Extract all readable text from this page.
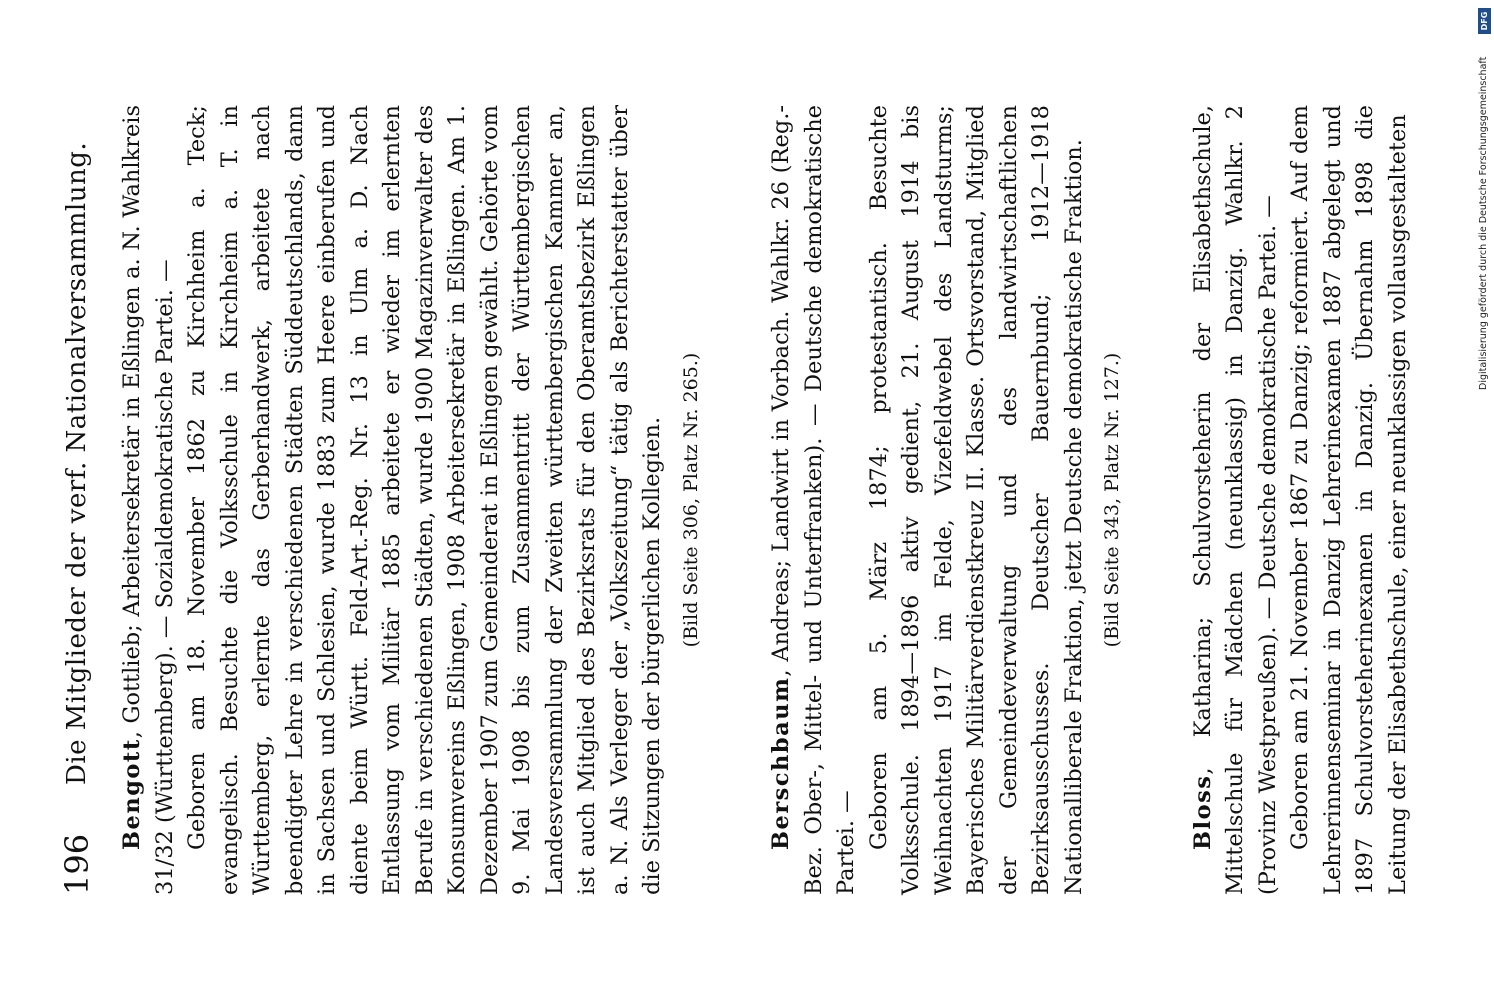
196
Die Mitglieder der verf. Nationalversammlung.

Bengott, Gottlieb; Arbeitersekretär in Eßlingen a. N. Wahlkreis 31/32 (Württemberg). — Sozialdemokratische Partei. — Geboren am 18. November 1862 zu Kirchheim a. Teck; evangelisch. Besuchte die Volksschule in Kirchheim a. T. in Württemberg, erlernte das Gerberhandwerk, arbeitete nach beendigter Lehre in verschiedenen Städten Süddeutschlands, dann in Sachsen und Schlesien, wurde 1883 zum Heere einberufen und diente beim Württ. Feld-Art.-Reg. Nr. 13 in Ulm a. D. Nach Entlassung vom Militär 1885 arbeitete er wieder im erlernten Berufe in verschiedenen Städten, wurde 1900 Magazinverwalter des Konsumvereins Eßlingen, 1908 Arbeitersekretär in Eßlingen. Am 1. Dezember 1907 zum Gemeinderat in Eßlingen gewählt. Gehörte vom 9. Mai 1908 bis zum Zusammentritt der Württembergischen Landesversammlung der Zweiten württembergischen Kammer an, ist auch Mitglied des Bezirksrats für den Oberamtsbezirk Eßlingen a. N. Als Verleger der „Volkszeitung“ tätig als Berichterstatter über die Sitzungen der bürgerlichen Kollegien. (Bild Seite 306, Platz Nr. 265.)

Berschbaum, Andreas; Landwirt in Vorbach. Wahlkr. 26 (Reg.-Bez. Ober-, Mittel- und Unterfranken). — Deutsche demokratische Partei. — Geboren am 5. März 1874; protestantisch. Besuchte Volksschule. 1894—1896 aktiv gedient, 21. August 1914 bis Weihnachten 1917 im Felde, Vizefeldwebel des Landsturms; Bayerisches Militärverdienstkreuz II. Klasse. Ortsvorstand, Mitglied der Gemeindeverwaltung und des landwirtschaftlichen Bezirksausschusses. Deutscher Bauernbund; 1912—1918 Nationalliberale Fraktion, jetzt Deutsche demokratische Fraktion. (Bild Seite 343, Platz Nr. 127.)

Bloss, Katharina; Schulvorsteherin der Elisabethschule, Mittelschule für Mädchen (neunklassig) in Danzig. Wahlkr. 2 (Provinz Westpreußen). — Deutsche demokratische Partei. — Geboren am 21. November 1867 zu Danzig; reformiert. Auf dem Lehrerinnenseminar in Danzig Lehrerinexamen 1887 abgelegt und 1897 Schulvorsteherinexamen in Danzig. Übernahm 1898 die Leitung der Elisabethschule, einer neunklassigen vollausgestalteten

DFG
Digitalisierung gefördert durch die Deutsche Forschungsgemeinschaft
